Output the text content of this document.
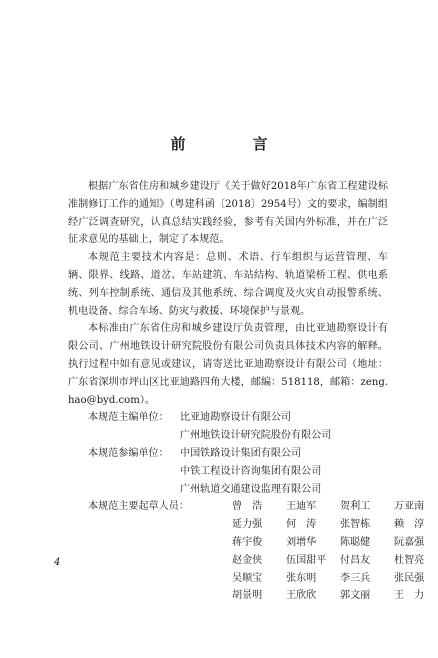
前　言

根据广东省住房和城乡建设厅《关于做好2018年广东省工程建设标准制修订工作的通知》（粤建科函〔2018〕2954号）文的要求，编制组经广泛调查研究，认真总结实践经验，参考有关国内外标准，并在广泛征求意见的基础上，制定了本规范。

本规范主要技术内容是：总则、术语、行车组织与运营管理、车辆、限界、线路、道岔、车站建筑、车站结构、轨道梁桥工程、供电系统、列车控制系统、通信及其他系统、综合调度及火灾自动报警系统、机电设备、综合车场、防灾与救援、环境保护与景观。

本标准由广东省住房和城乡建设厅负责管理，由比亚迪勘察设计有限公司、广州地铁设计研究院股份有限公司负责具体技术内容的解释。执行过程中如有意见或建议，请寄送比亚迪勘察设计有限公司（地址：广东省深圳市坪山区比亚迪路四角大楼，邮编：518118，邮箱：zeng.hao@byd.com）。

本规范主编单位： 比亚迪勘察设计有限公司
广州地铁设计研究院股份有限公司
本规范参编单位： 中国铁路设计集团有限公司
中铁工程设计咨询集团有限公司
广州轨道交通建设监理有限公司
本规范主要起草人员：	曾　浩 王迪军 贺利工 万亚南
延力强 何　涛 张智栋 赖　淳
蒋宇俊 刘增华 陈聪健 阮嘉强
赵金侠 伍国甜平 付昌友 杜智亮
吴顺宝 张东明 李三兵 张民强
胡景明 王欣欣 郭文丽 王　力
4
